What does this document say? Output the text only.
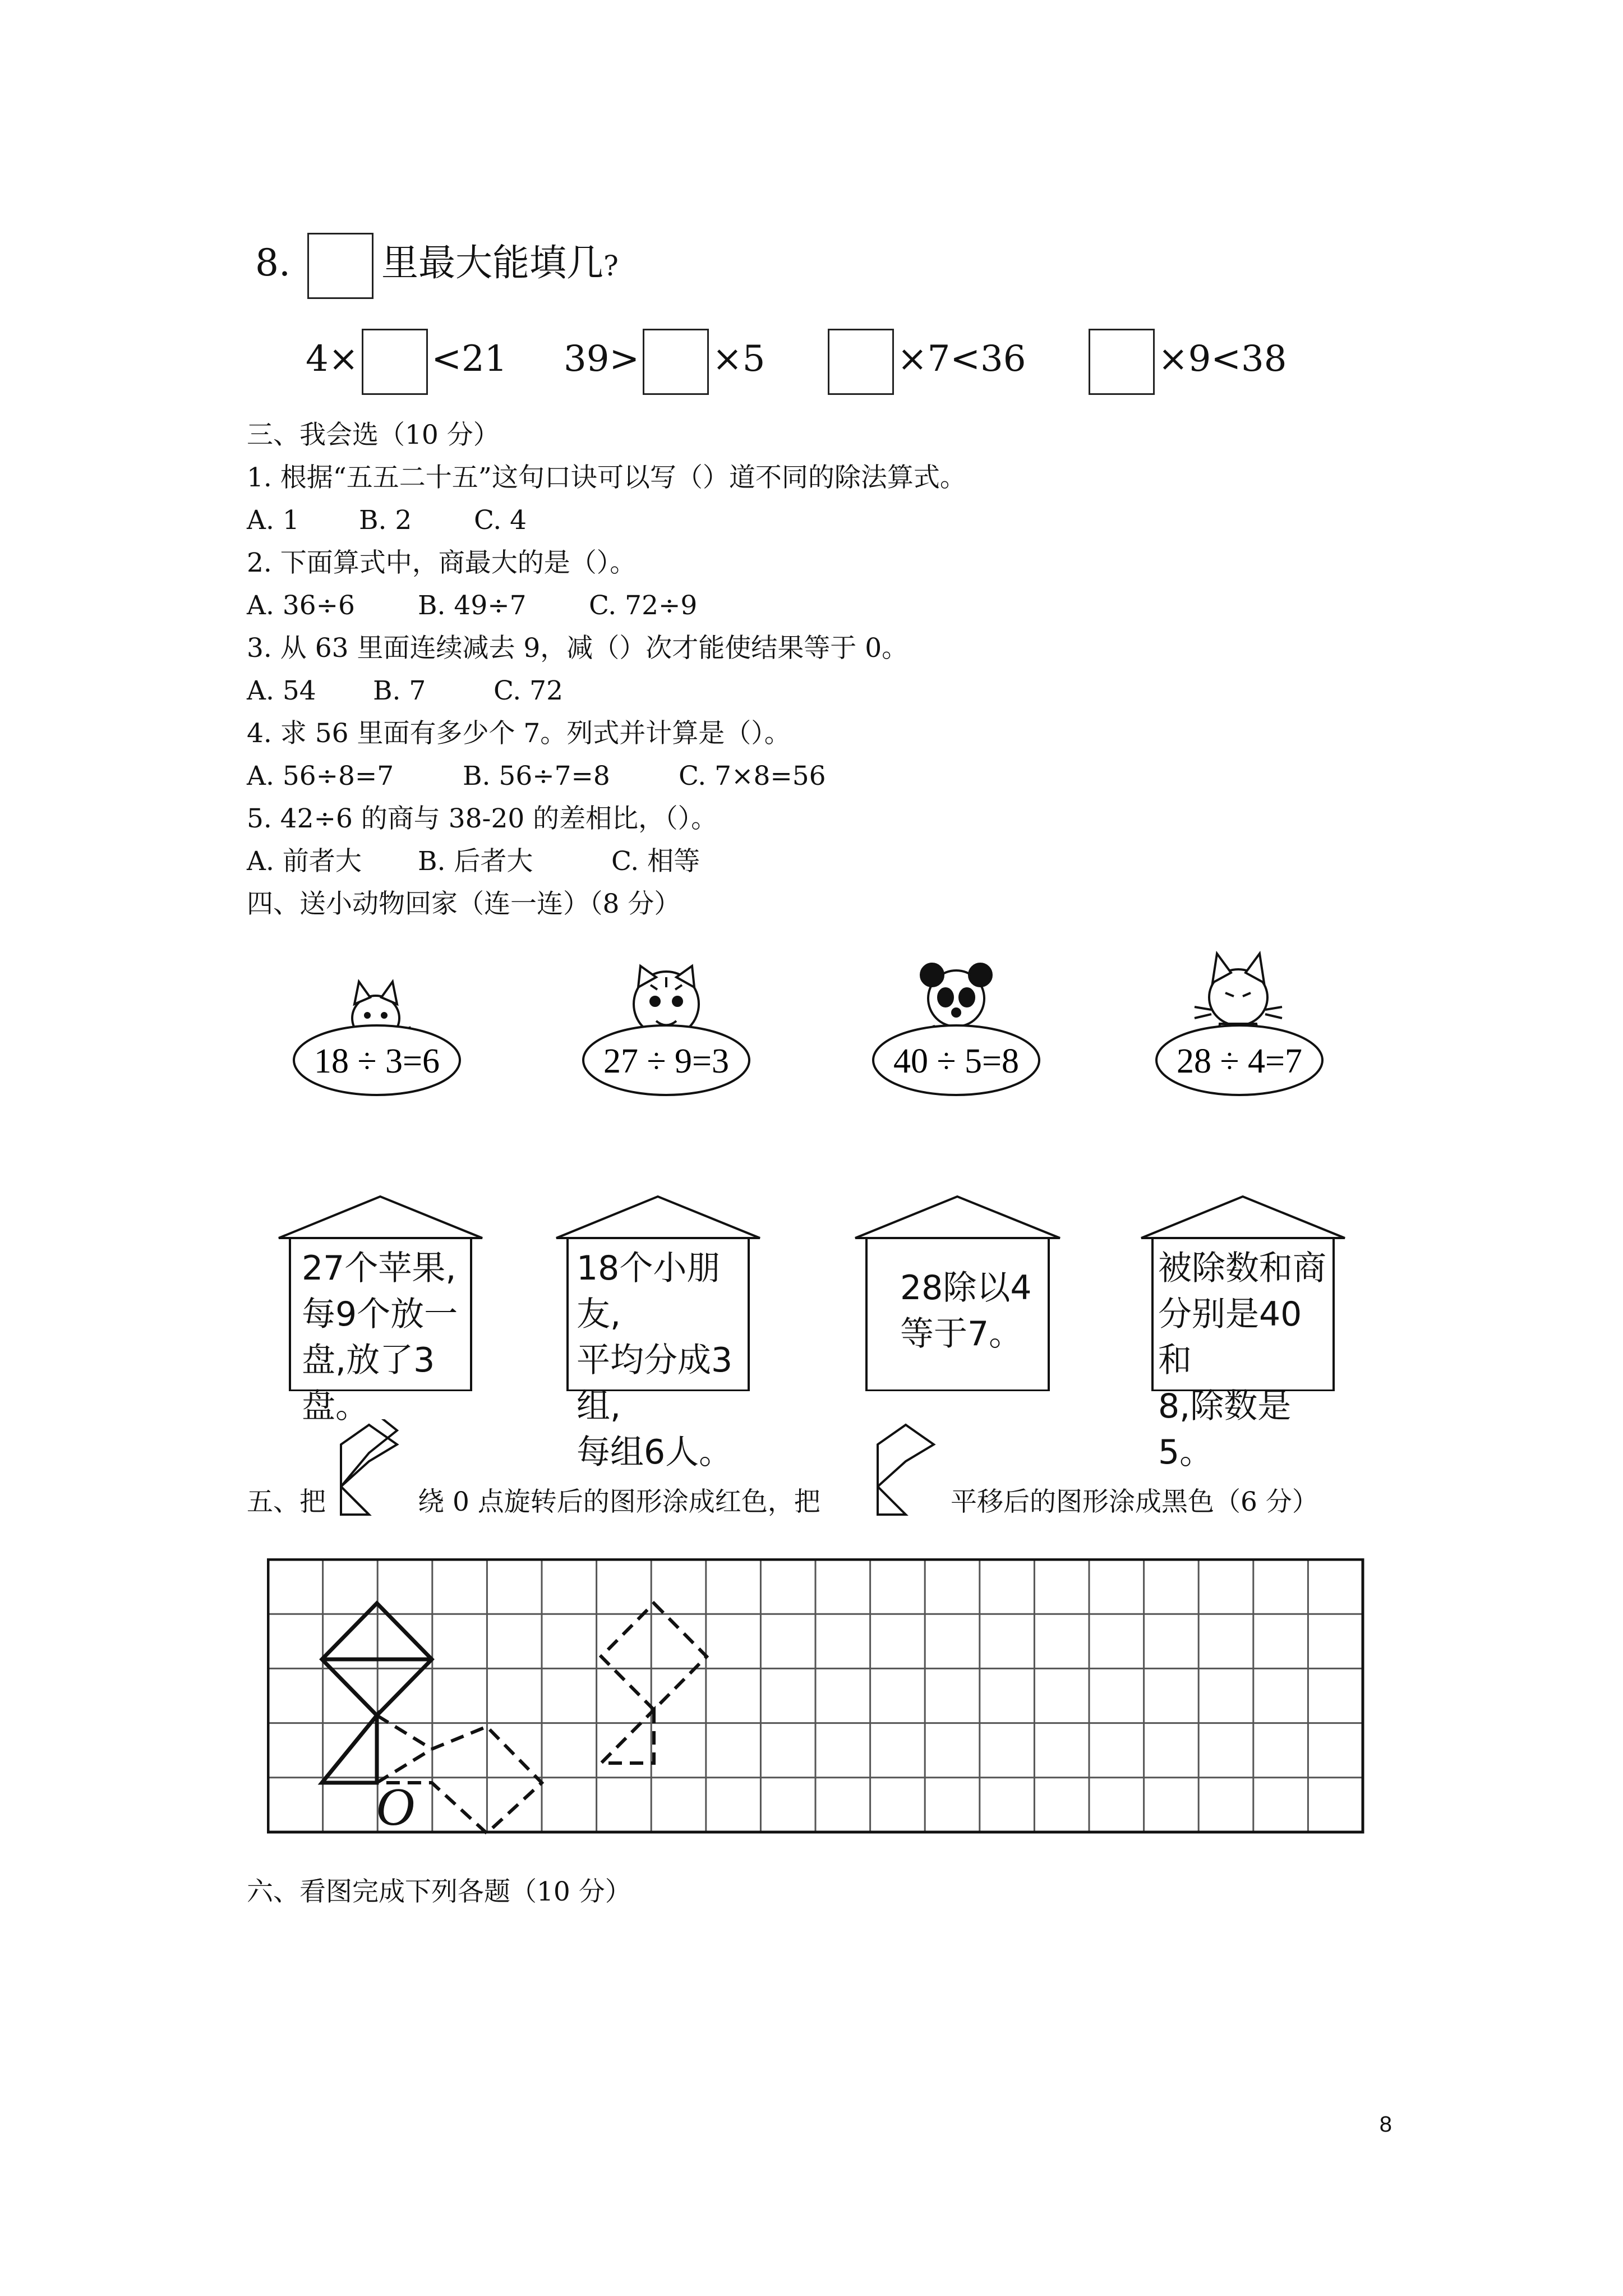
8. 里最大能填几?
4× <21 39> ×5	×7<36	×9<38
三、我会选（10 分）
1. 根据“五五二十五”这句口诀可以写（）道不同的除法算式。
A. 1 B. 2 C. 4
2. 下面算式中，商最大的是（）。
A. 36÷6 B. 49÷7 C. 72÷9
3. 从 63 里面连续减去 9，减（）次才能使结果等于 0。
A. 54 B. 7	C. 72
4. 求 56 里面有多少个 7。列式并计算是（）。
A. 56÷8=7	B. 56÷7=8	C. 7×8=56
5. 42÷6 的商与 38-20 的差相比，（）。
A. 前者大 B. 后者大	C. 相等
四、送小动物回家（连一连）（8 分）
18 ÷ 3=6	27 ÷ 9=3	40 ÷ 5=8	28 ÷ 4=7
27个苹果,
每9个放一
盘,放了3盘。
18个小朋友,
平均分成3组,
每组6人。
28除以4
等于7。
被除数和商
分别是40和
8,除数是5。
五、把	绕 0 点旋转后的图形涂成红色，把	平移后的图形涂成黑色（6 分）
O
六、看图完成下列各题（10 分）
8
